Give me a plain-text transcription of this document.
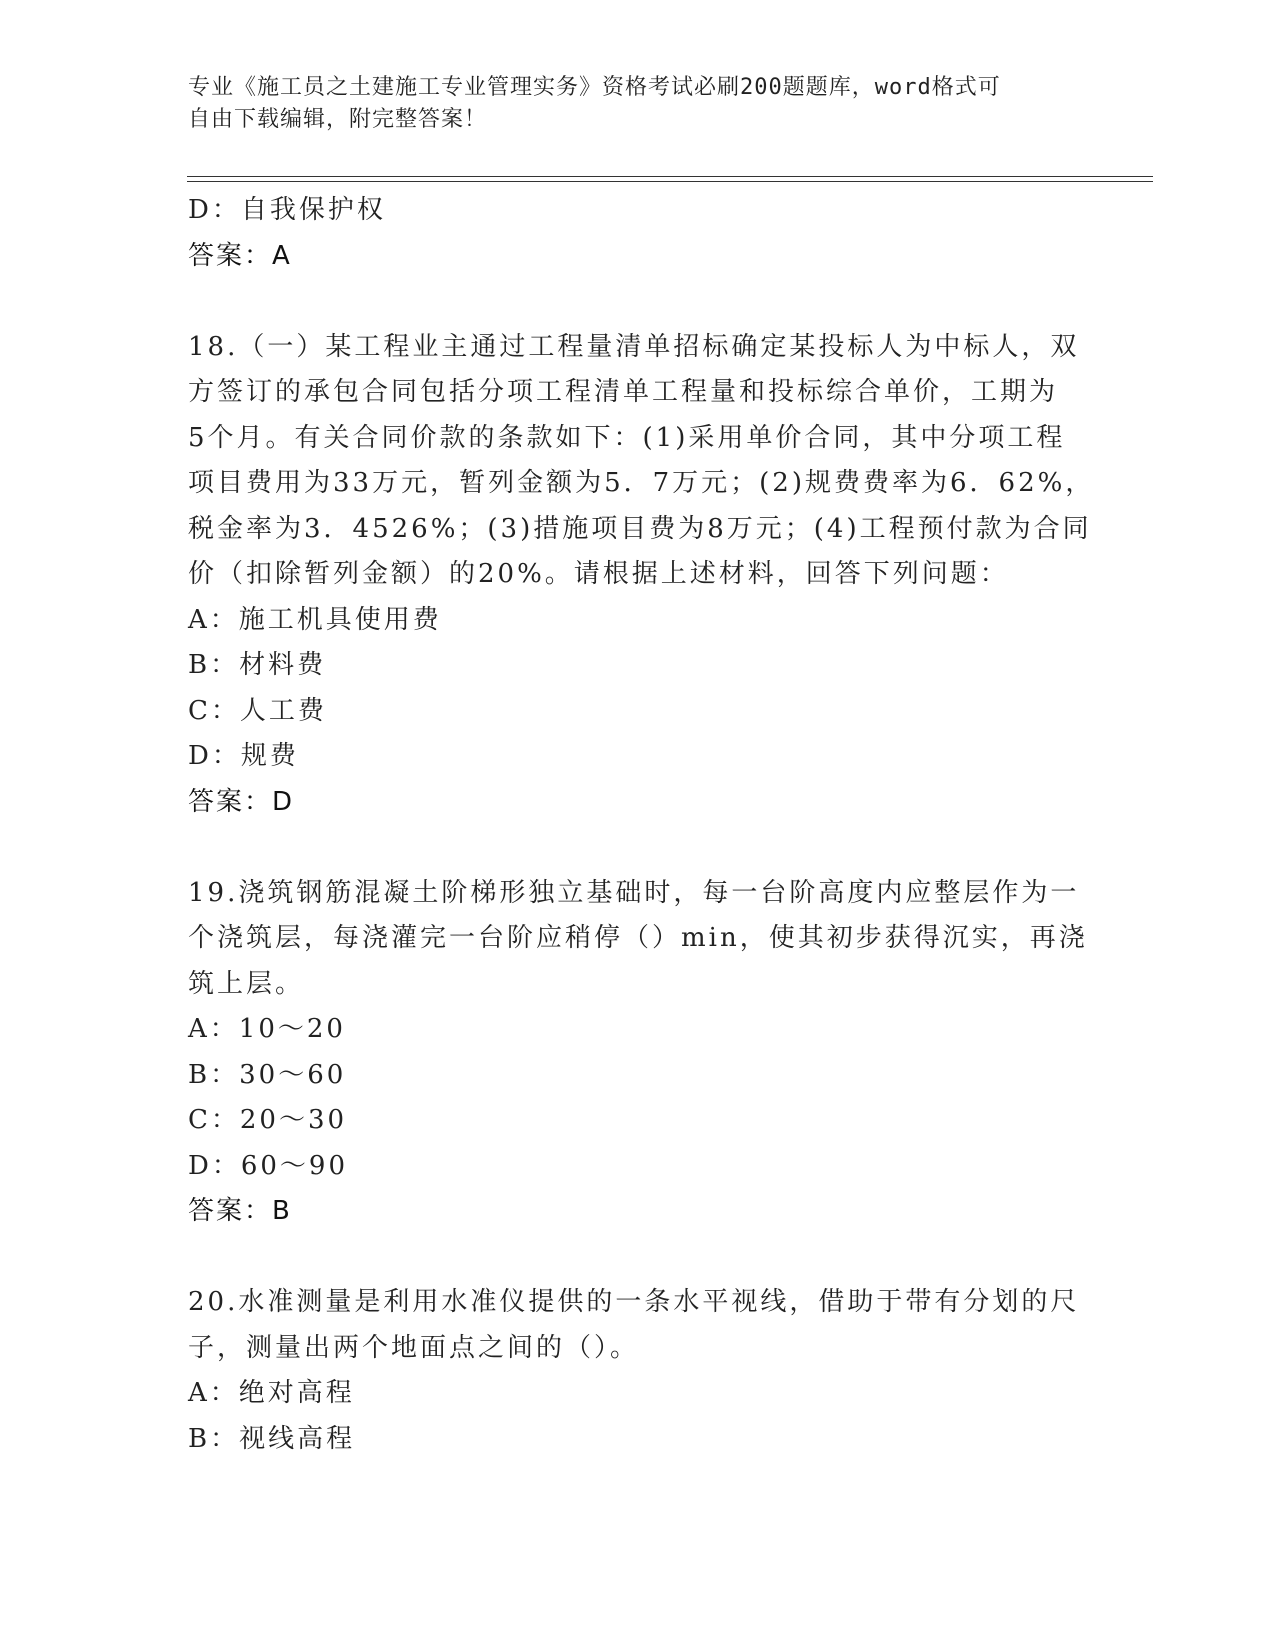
专业《施工员之土建施工专业管理实务》资格考试必刷200题题库，word格式可
自由下载编辑，附完整答案！
D：自我保护权
答案：A
18.（一）某工程业主通过工程量清单招标确定某投标人为中标人，双
方签订的承包合同包括分项工程清单工程量和投标综合单价，工期为
5个月。有关合同价款的条款如下：(1)采用单价合同，其中分项工程
项目费用为33万元，暂列金额为5．7万元；(2)规费费率为6．62%，
税金率为3．4526%；(3)措施项目费为8万元；(4)工程预付款为合同
价（扣除暂列金额）的20%。请根据上述材料，回答下列问题：
A：施工机具使用费
B：材料费
C：人工费
D：规费
答案：D
19.浇筑钢筋混凝土阶梯形独立基础时，每一台阶高度内应整层作为一
个浇筑层，每浇灌完一台阶应稍停（）min，使其初步获得沉实，再浇
筑上层。
A：10～20
B：30～60
C：20～30
D：60～90
答案：B
20.水准测量是利用水准仪提供的一条水平视线，借助于带有分划的尺
子，测量出两个地面点之间的（）。
A：绝对高程
B：视线高程
